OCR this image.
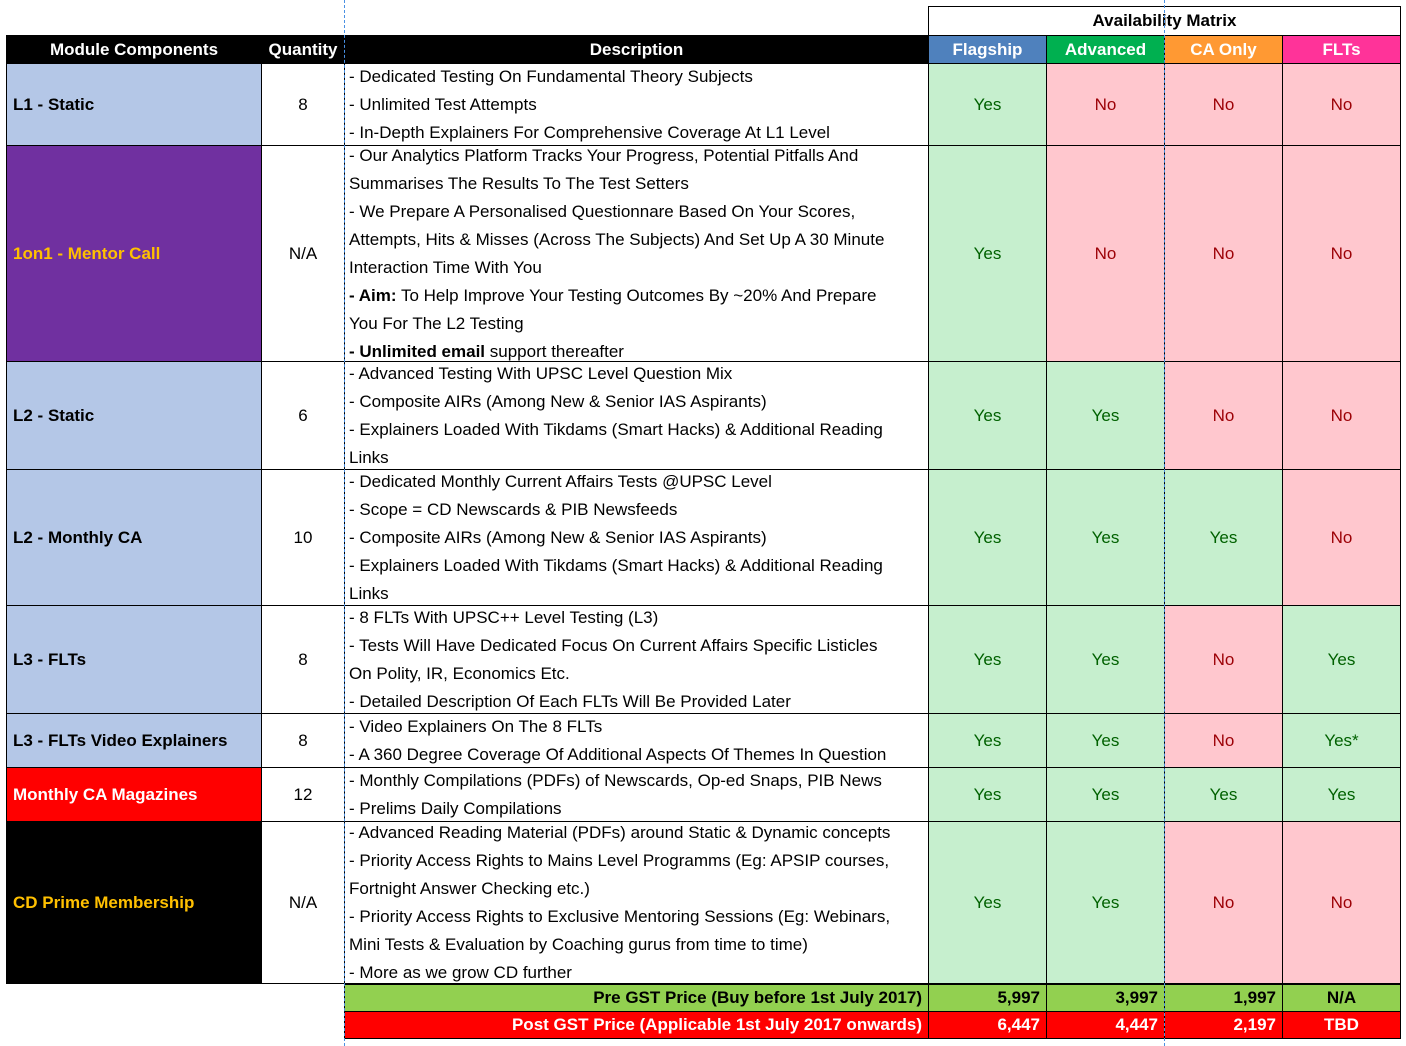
Availability Matrix
Module Components	Quantity	Description	Flagship	Advanced	CA Only	FLTs
L1 - Static	8
- Dedicated Testing On Fundamental Theory Subjects
- Unlimited Test Attempts
- In-Depth Explainers For Comprehensive Coverage At L1 Level
Yes	No	No	No
1on1 - Mentor Call	N/A
- Our Analytics Platform Tracks Your Progress, Potential Pitfalls And
Summarises The Results To The Test Setters
- We Prepare A Personalised Questionnare Based On Your Scores,
Attempts, Hits & Misses (Across The Subjects) And Set Up A 30 Minute
Interaction Time With You
- Aim: To Help Improve Your Testing Outcomes By ~20% And Prepare
You For The L2 Testing
- Unlimited email support thereafter
Yes	No	No	No
L2 - Static	6
- Advanced Testing With UPSC Level Question Mix
- Composite AIRs (Among New & Senior IAS Aspirants)
- Explainers Loaded With Tikdams (Smart Hacks) & Additional Reading
Links
Yes	Yes	No	No
L2 - Monthly CA	10
- Dedicated Monthly Current Affairs Tests @UPSC Level
- Scope = CD Newscards & PIB Newsfeeds
- Composite AIRs (Among New & Senior IAS Aspirants)
- Explainers Loaded With Tikdams (Smart Hacks) & Additional Reading
Links
Yes	Yes	Yes	No
L3 - FLTs	8
- 8 FLTs With UPSC++ Level Testing (L3)
- Tests Will Have Dedicated Focus On Current Affairs Specific Listicles
On Polity, IR, Economics Etc.
- Detailed Description Of Each FLTs Will Be Provided Later
Yes	Yes	No	Yes
L3 - FLTs Video Explainers	8
- Video Explainers On The 8 FLTs
- A 360 Degree Coverage Of Additional Aspects Of Themes In Question
Yes	Yes	No	Yes*
Monthly CA Magazines	12
- Monthly Compilations (PDFs) of Newscards, Op-ed Snaps, PIB News
- Prelims Daily Compilations
Yes	Yes	Yes	Yes
CD Prime Membership	N/A
- Advanced Reading Material (PDFs) around Static & Dynamic concepts
- Priority Access Rights to Mains Level Programms (Eg: APSIP courses,
Fortnight Answer Checking etc.)
- Priority Access Rights to Exclusive Mentoring Sessions (Eg: Webinars,
Mini Tests & Evaluation by Coaching gurus from time to time)
- More as we grow CD further
Yes	Yes	No	No
Pre GST Price (Buy before 1st July 2017)	5,997	3,997	1,997	N/A
Post GST Price (Applicable 1st July 2017 onwards)	6,447	4,447	2,197	TBD
